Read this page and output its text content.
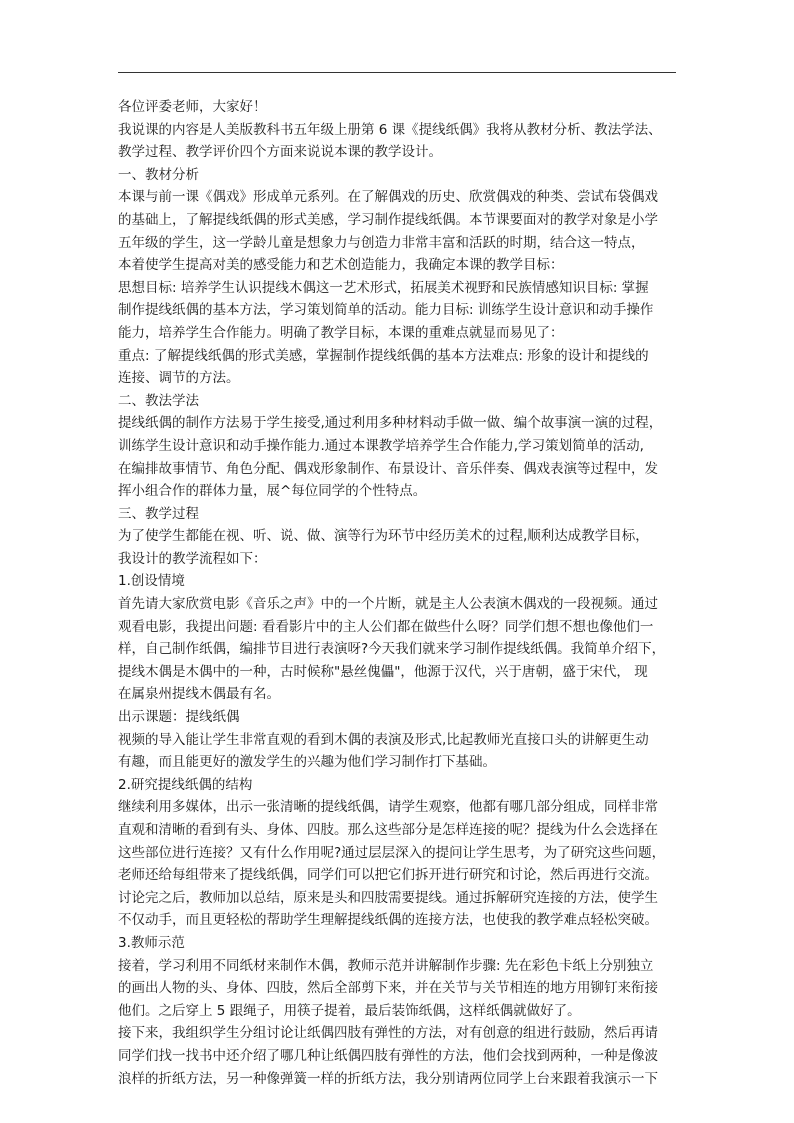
各位评委老师，大家好！
我说课的内容是人美版教科书五年级上册第 6 课《提线纸偶》我将从教材分析、教法学法、
教学过程、教学评价四个方面来说说本课的教学设计。
一、教材分析
本课与前一课《偶戏》形成单元系列。在了解偶戏的历史、欣赏偶戏的种类、尝试布袋偶戏
的基础上，了解提线纸偶的形式美感，学习制作提线纸偶。本节课要面对的教学对象是小学
五年级的学生，这一学龄儿童是想象力与创造力非常丰富和活跃的时期，结合这一特点，
本着使学生提高对美的感受能力和艺术创造能力，我确定本课的教学目标：
思想目标: 培养学生认识提线木偶这一艺术形式，拓展美术视野和民族情感知识目标: 掌握
制作提线纸偶的基本方法，学习策划简单的活动。能力目标: 训练学生设计意识和动手操作
能力，培养学生合作能力。明确了教学目标，本课的重难点就显而易见了：
重点: 了解提线纸偶的形式美感，掌握制作提线纸偶的基本方法难点: 形象的设计和提线的
连接、调节的方法。
二、教法学法
提线纸偶的制作方法易于学生接受,通过利用多种材料动手做一做、编个故事演一演的过程，
训练学生设计意识和动手操作能力.通过本课教学培养学生合作能力,学习策划简单的活动,
在编排故事情节、角色分配、偶戏形象制作、布景设计、音乐伴奏、偶戏表演等过程中，发
挥小组合作的群体力量，展^每位同学的个性特点。
三、教学过程
为了使学生都能在视、听、说、做、演等行为环节中经历美术的过程,顺利达成教学目标，
我设计的教学流程如下：
1.创设情境
首先请大家欣赏电影《音乐之声》中的一个片断，就是主人公表演木偶戏的一段视频。通过
观看电影，我提出问题: 看看影片中的主人公们都在做些什么呀？同学们想不想也像他们一
样，自己制作纸偶，编排节目进行表演呀?今天我们就来学习制作提线纸偶。我简单介绍下，
提线木偶是木偶中的一种，古时候称"悬丝傀儡"，他源于汉代，兴于唐朝，盛于宋代， 现
在属泉州提线木偶最有名。
出示课题：提线纸偶
视频的导入能让学生非常直观的看到木偶的表演及形式,比起教师光直接口头的讲解更生动
有趣，而且能更好的激发学生的兴趣为他们学习制作打下基础。
2.研究提线纸偶的结构
继续利用多媒体，出示一张清晰的提线纸偶，请学生观察，他都有哪几部分组成，同样非常
直观和清晰的看到有头、身体、四肢。那么这些部分是怎样连接的呢？提线为什么会选择在
这些部位进行连接？又有什么作用呢?通过层层深入的提问让学生思考，为了研究这些问题，
老师还给每组带来了提线纸偶，同学们可以把它们拆开进行研究和讨论，然后再进行交流。
讨论完之后，教师加以总结，原来是头和四肢需要提线。通过拆解研究连接的方法，使学生
不仅动手，而且更轻松的帮助学生理解提线纸偶的连接方法，也使我的教学难点轻松突破。
3.教师示范
接着，学习利用不同纸材来制作木偶，教师示范并讲解制作步骤: 先在彩色卡纸上分别独立
的画出人物的头、身体、四肢，然后全部剪下来，并在关节与关节相连的地方用铆钉来衔接
他们。之后穿上 5 跟绳子，用筷子提着，最后装饰纸偶，这样纸偶就做好了。
接下来，我组织学生分组讨论让纸偶四肢有弹性的方法，对有创意的组进行鼓励，然后再请
同学们找一找书中还介绍了哪几种让纸偶四肢有弹性的方法，他们会找到两种，一种是像波
浪样的折纸方法，另一种像弹簧一样的折纸方法，我分别请两位同学上台来跟着我演示一下
